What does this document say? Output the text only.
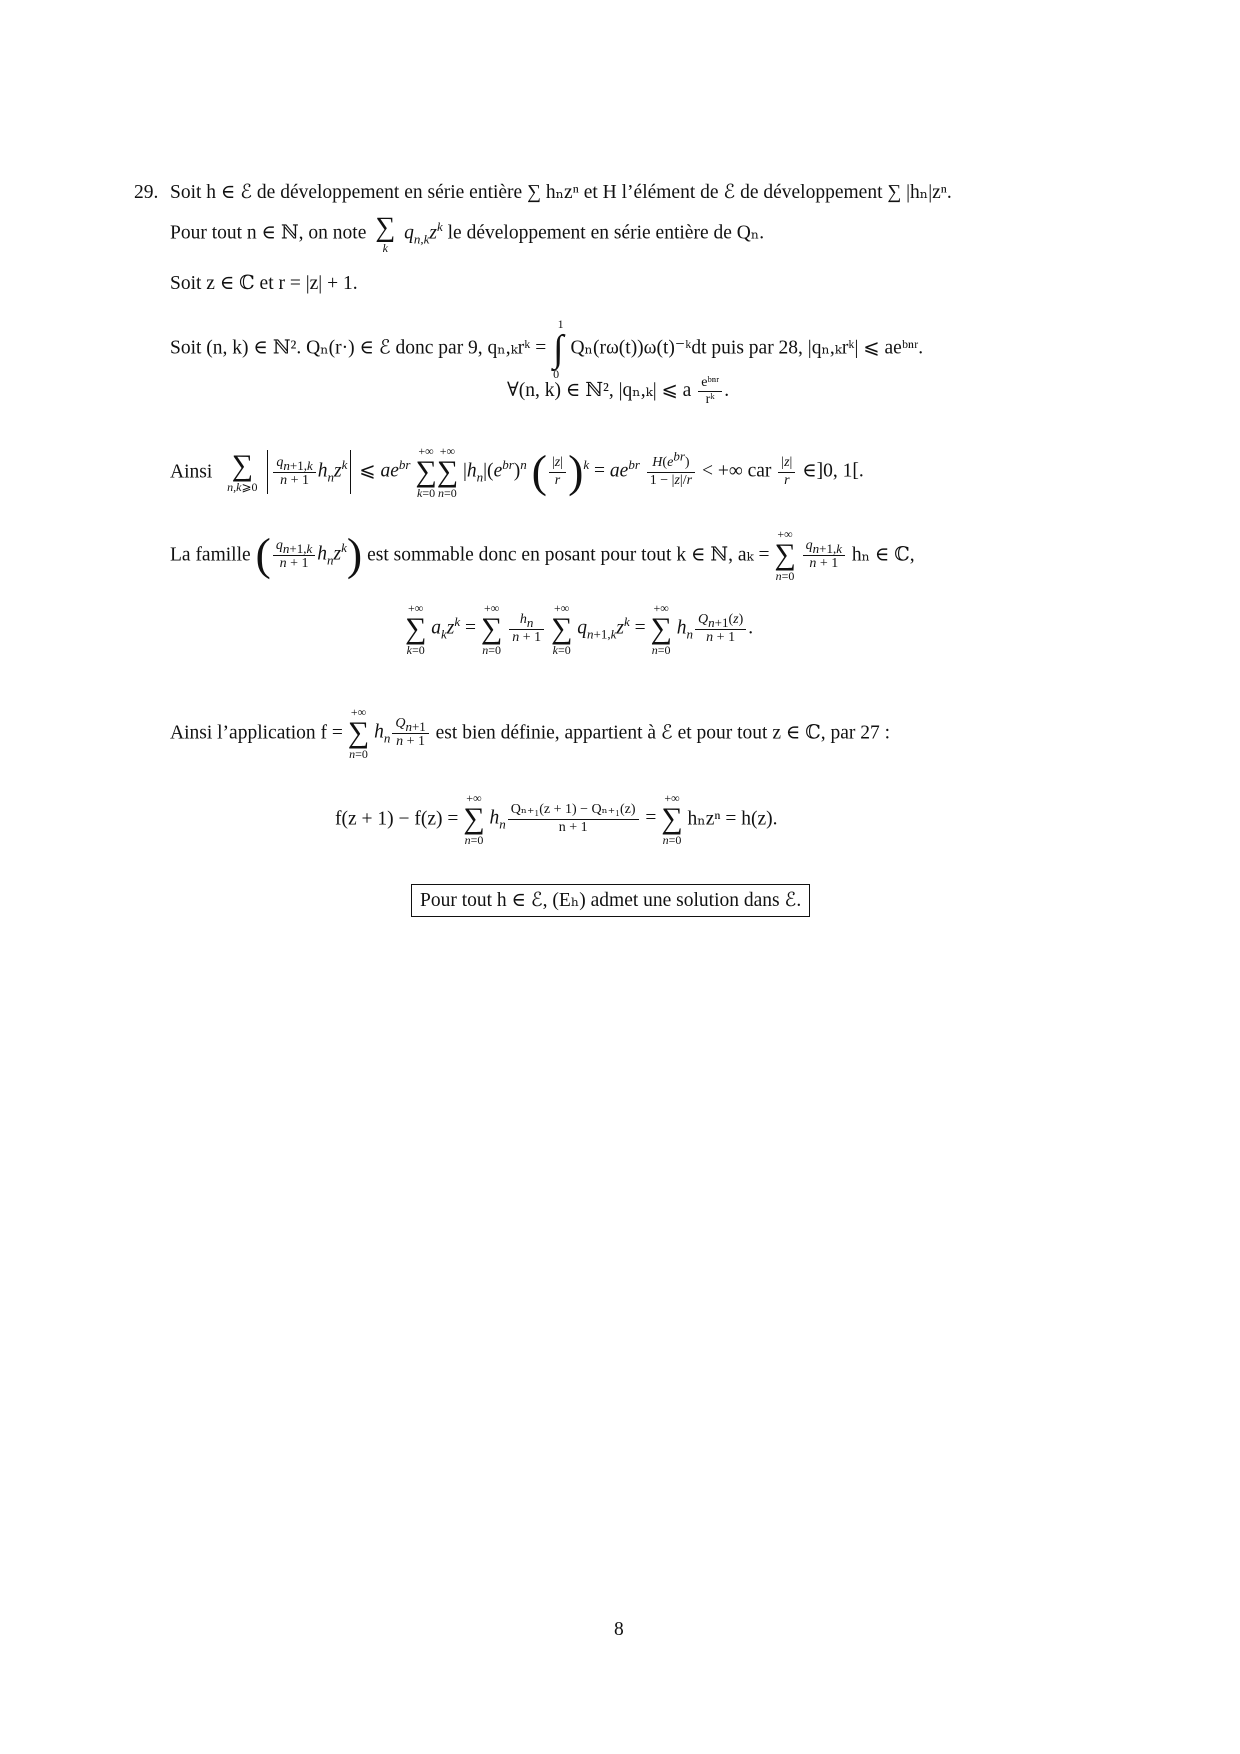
29. Soit h ∈ ℰ de développement en série entière ∑ hₙzⁿ et H l’élément de ℰ de développement ∑ |hₙ|zⁿ.
Pour tout n ∈ ℕ, on note ∑
k
$q_{n,k}z^k$ le développement en série entière de Qₙ.
Soit z ∈ ℂ et r = |z| + 1.
Soit (n, k) ∈ ℕ². Qₙ(r·) ∈ ℰ donc par 9, qₙ,ₖrᵏ =
1
∫
0
Qₙ(rω(t))ω(t)⁻ᵏdt puis par 28, |qₙ,ₖrᵏ| ⩽ aeᵇⁿʳ.
∀(n, k) ∈ ℕ², |qₙ,ₖ| ⩽ a $\frac{\text{eᵇⁿʳ}}{\text{rᵏ}}$ .
Ainsi ∑
n,k⩾0
$\frac{q_{n+1,k}}{n + 1} h_nz^k$ ⩽ $ae^{br}$
+∞
∑
k=0
+∞
∑
n=0
$|h_n|(e^{br})^n$ ( $\frac{|z|}{r} )^k = ae^{br} \frac{H(e^{br})}{1 - |z|/r}$ < +∞ car $\frac{|z|}{r}$ ∈]0, 1[.
La famille ( $\frac{q_{n+1,k}}{n + 1} h_nz^k$) est sommable donc en posant pour tout k ∈ ℕ, aₖ =
+∞
∑
n=0

$\frac{q_{n+1,k}}{n + 1}$ hₙ ∈ ℂ,
+∞
∑
k=0
$a_kz^k$ =
+∞
∑
n=0

$\frac{h_n}{n + 1}$

+∞
∑
k=0
$q_{n+1,k}z^k$ =
+∞
∑
n=0
$h_n \frac{Q_{n+1}(z)}{n + 1}$ .
Ainsi l’application f =
+∞
∑
n=0
$h_n \frac{Q_{n+1}}{n + 1}$ est bien définie, appartient à ℰ et pour tout z ∈ ℂ, par 27 :
f(z + 1) − f(z) =
+∞
∑
n=0
$h_n \frac{\text{Qₙ₊₁(z + 1) − Qₙ₊₁(z)}}{n + 1}$ =
+∞
∑
n=0
hₙzⁿ = h(z).
Pour tout h ∈ ℰ, (Eₕ) admet une solution dans ℰ.
8
